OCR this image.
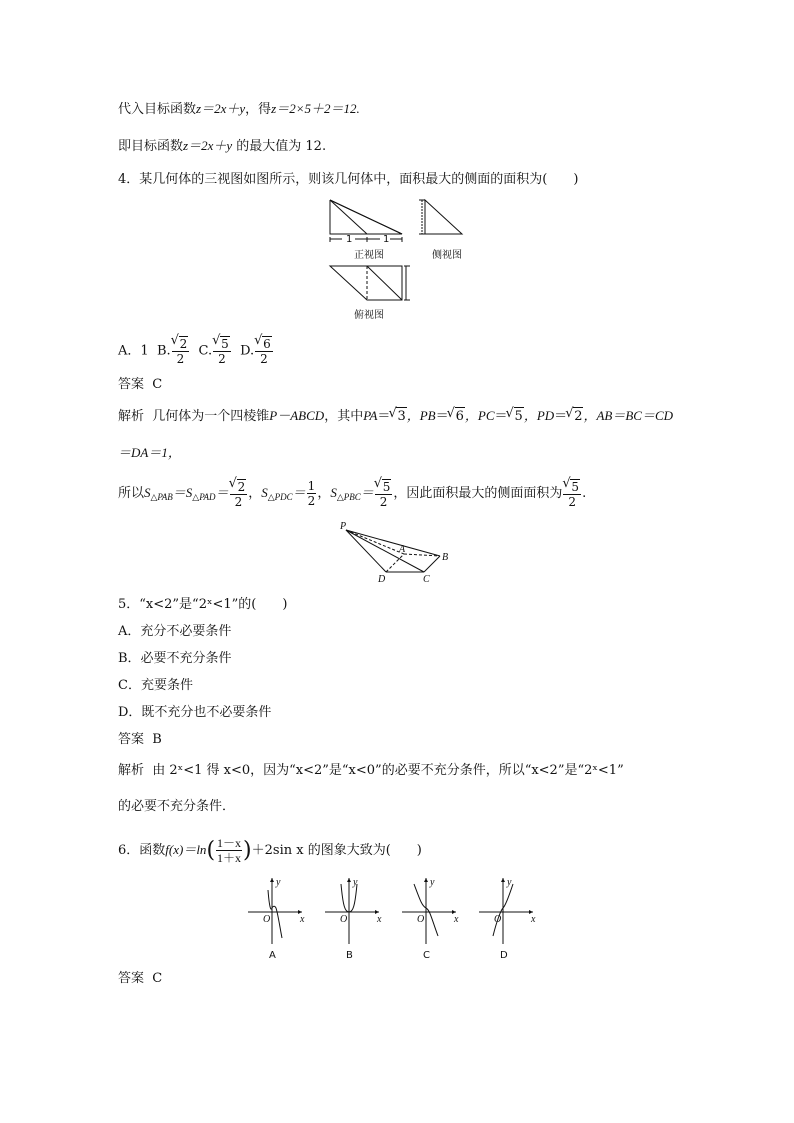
代入目标函数z＝2x＋y，得z＝2×5＋2＝12.
即目标函数z＝2x＋y 的最大值为 12.
4．某几何体的三视图如图所示，则该几何体中，面积最大的侧面的面积为(　　)
1	1
正视图	侧视图
俯视图
A．1 B. √ $\frac{2}{2} C$. √ $\frac{5}{2} D$. √ $\frac{6}{2}$
答案 C
解析 几何体为一个四棱锥P－ABCD，其中PA＝ √ 3，PB＝ √ 6，PC＝ √ 5，PD＝ √ 2，AB＝BC＝CD
＝DA＝1，
所以$S_{\triangle PAB}=S_{\triangle PAD}=$ √ $\frac{2}{2}$ ，$S_{\triangle PDC}= \frac{1}{2}$ ，$S_{\triangle PBC}=$ √ $\frac{5}{2}$ ，因此面积最大的侧面面积为 √ $\frac{5}{2}$ .
P
A
B
C
D
5．“x<2”是“2ˣ<1”的(　　)
A．充分不必要条件
B．必要不充分条件
C．充要条件
D．既不充分也不必要条件
答案 B
解析 由 2ˣ<1 得 x<0，因为“x<2”是“x<0”的必要不充分条件，所以“x<2”是“2ˣ<1”
的必要不充分条件．
6．函数$f(x)=\ln( \frac{1-x}{1+x} )+2\sin$ x 的图象大致为(　　)
x
y
O
A
x
y
O
B
x
y
O
C
x
y
O
D
答案 C
